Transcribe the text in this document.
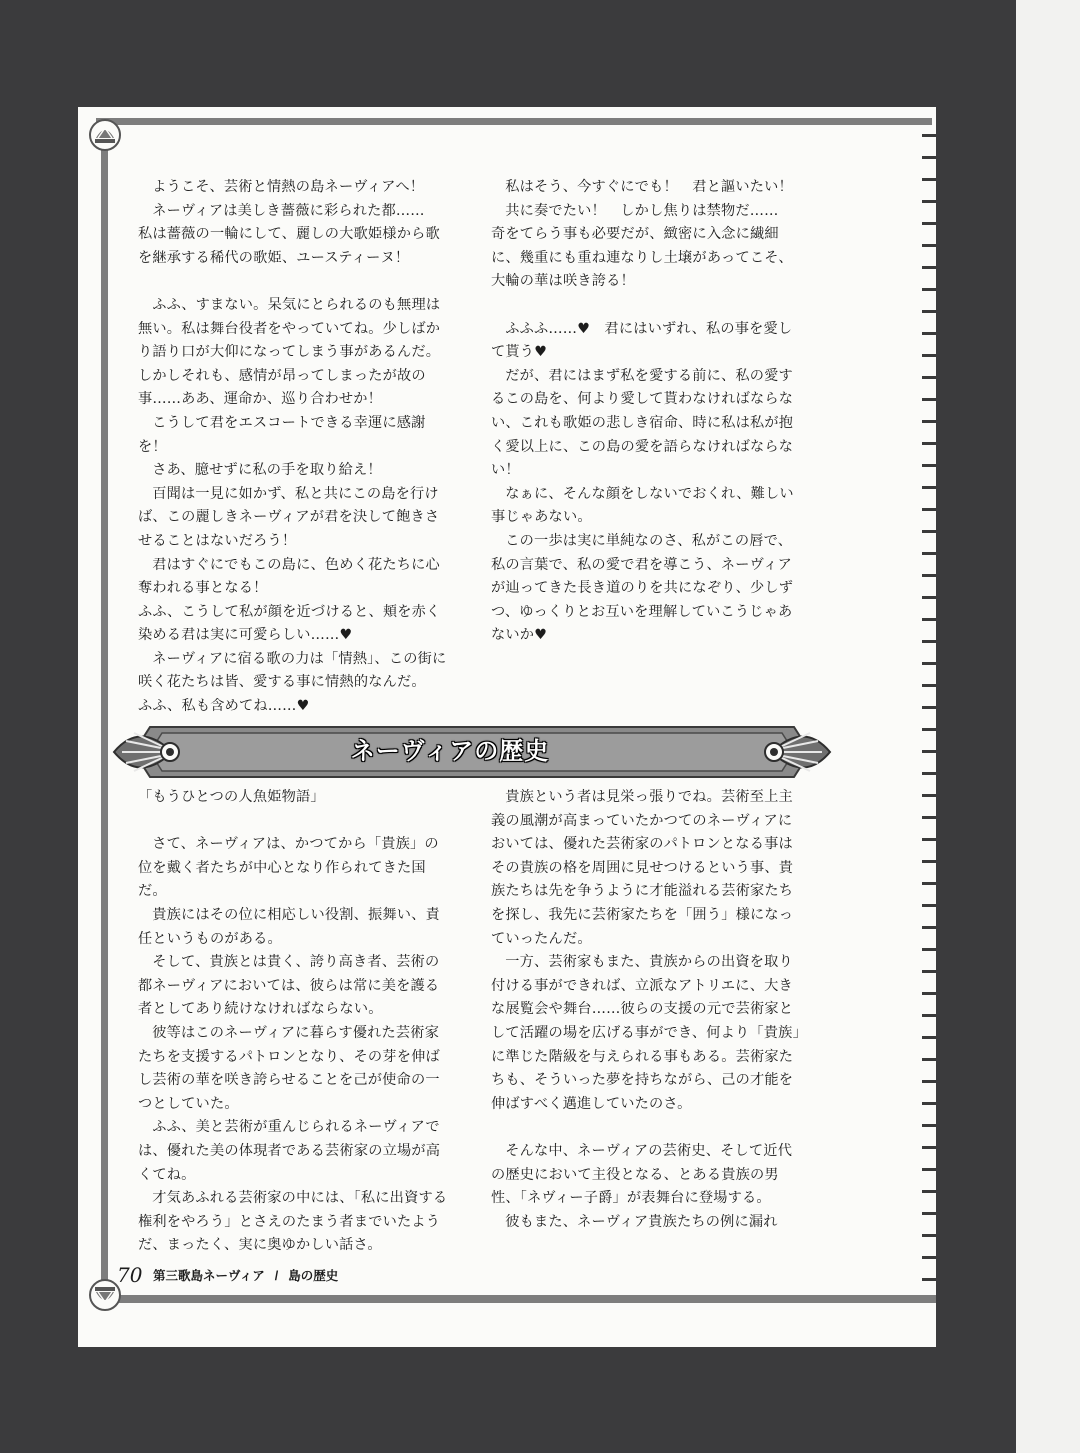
ようこそ、芸術と情熱の島ネーヴィアへ！

ネーヴィアは美しき薔薇に彩られた都……

私は薔薇の一輪にして、麗しの大歌姫様から歌を継承する稀代の歌姫、ユースティーヌ！

ふふ、すまない。呆気にとられるのも無理は無い。私は舞台役者をやっていてね。少しばかり語り口が大仰になってしまう事があるんだ。しかしそれも、感情が昂ってしまったが故の事……ああ、運命か、巡り合わせか！

こうして君をエスコートできる幸運に感謝を！

さあ、臆せずに私の手を取り給え！

百聞は一見に如かず、私と共にこの島を行けば、この麗しきネーヴィアが君を決して飽きさせることはないだろう！

君はすぐにでもこの島に、色めく花たちに心奪われる事となる！

ふふ、こうして私が顔を近づけると、頬を赤く染める君は実に可愛らしい……♥

ネーヴィアに宿る歌の力は「情熱」、この街に咲く花たちは皆、愛する事に情熱的なんだ。

ふふ、私も含めてね……♥

私はそう、今すぐにでも！　君と謳いたい！

共に奏でたい！　しかし焦りは禁物だ……

奇をてらう事も必要だが、緻密に入念に繊細に、幾重にも重ね連なりし土壌があってこそ、大輪の華は咲き誇る！

ふふふ……♥　君にはいずれ、私の事を愛して貰う♥

だが、君にはまず私を愛する前に、私の愛するこの島を、何より愛して貰わなければならない、これも歌姫の悲しき宿命、時に私は私が抱く愛以上に、この島の愛を語らなければならない！

なぁに、そんな顔をしないでおくれ、難しい事じゃあない。

この一歩は実に単純なのさ、私がこの唇で、私の言葉で、私の愛で君を導こう、ネーヴィアが辿ってきた長き道のりを共になぞり、少しずつ、ゆっくりとお互いを理解していこうじゃあないか♥

ネーヴィアの歴史

「もうひとつの人魚姫物語」

さて、ネーヴィアは、かつてから「貴族」の位を戴く者たちが中心となり作られてきた国だ。

貴族にはその位に相応しい役割、振舞い、責任というものがある。

そして、貴族とは貴く、誇り高き者、芸術の都ネーヴィアにおいては、彼らは常に美を護る者としてあり続けなければならない。

彼等はこのネーヴィアに暮らす優れた芸術家たちを支援するパトロンとなり、その芽を伸ばし芸術の華を咲き誇らせることを己が使命の一つとしていた。

ふふ、美と芸術が重んじられるネーヴィアでは、優れた美の体現者である芸術家の立場が高くてね。

才気あふれる芸術家の中には、「私に出資する権利をやろう」とさえのたまう者までいたようだ、まったく、実に奥ゆかしい話さ。

貴族という者は見栄っ張りでね。芸術至上主義の風潮が高まっていたかつてのネーヴィアにおいては、優れた芸術家のパトロンとなる事はその貴族の格を周囲に見せつけるという事、貴族たちは先を争うように才能溢れる芸術家たちを探し、我先に芸術家たちを「囲う」様になっていったんだ。

一方、芸術家もまた、貴族からの出資を取り付ける事ができれば、立派なアトリエに、大きな展覧会や舞台……彼らの支援の元で芸術家として活躍の場を広げる事ができ、何より「貴族」に準じた階級を与えられる事もある。芸術家たちも、そういった夢を持ちながら、己の才能を伸ばすべく邁進していたのさ。

そんな中、ネーヴィアの芸術史、そして近代の歴史において主役となる、とある貴族の男性、「ネヴィー子爵」が表舞台に登場する。

彼もまた、ネーヴィア貴族たちの例に漏れ

70 第三歌島ネーヴィア / 島の歴史
